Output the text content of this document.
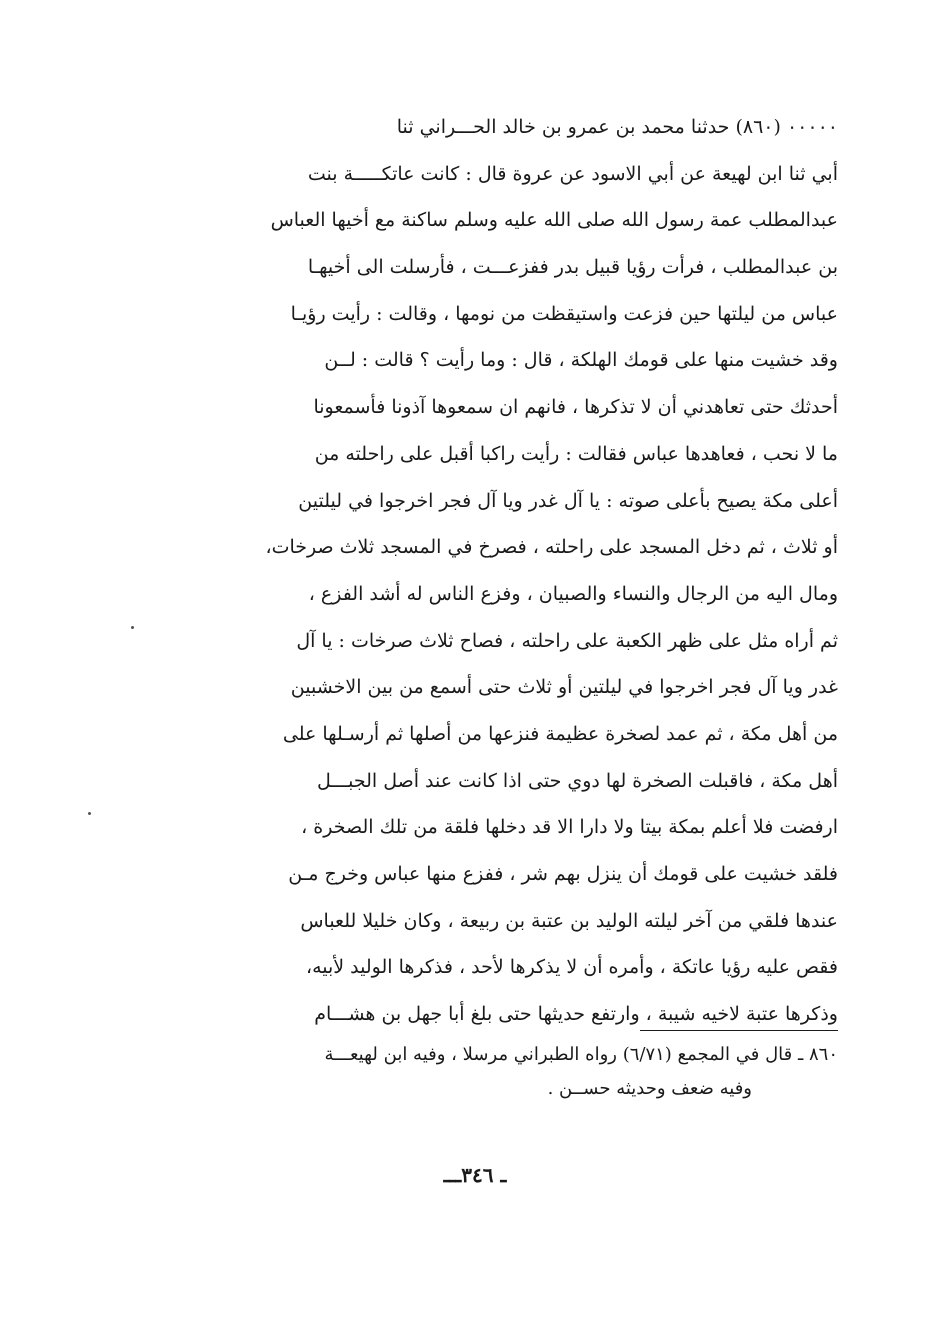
٠٠٠٠٠ (٨٦٠) حدثنا محمد بن عمرو بن خالد الحـــراني ثنا
أبي ثنا ابن لهيعة عن أبي الاسود عن عروة قال : كانت عاتكـــــة بنت
عبدالمطلب عمة رسول الله صلى الله عليه وسلم ساكنة مع أخيها العباس
بن عبدالمطلب ، فرأت رؤيا قبيل بدر ففزعـــت ، فأرسلت الى أخيهـا
عباس من ليلتها حين فزعت واستيقظت من نومها ، وقالت : رأيت رؤيـا
وقد خشيت منها على قومك الهلكة ، قال : وما رأيت ؟ قالت : لــن
أحدثك حتى تعاهدني أن لا تذكرها ، فانهم ان سمعوها آذونا فأسمعونا
ما لا نحب ، فعاهدها عباس فقالت : رأيت راكبا أقبل على راحلته من
أعلى مكة يصيح بأعلى صوته : يا آل غدر ويا آل فجر اخرجوا في ليلتين
أو ثلاث ، ثم دخل المسجد على راحلته ، فصرخ في المسجد ثلاث صرخات،
ومال اليه من الرجال والنساء والصبيان ، وفزع الناس له أشد الفزع ،
ثم أراه مثل على ظهر الكعبة على راحلته ، فصاح ثلاث صرخات : يا آل
غدر ويا آل فجر اخرجوا في ليلتين أو ثلاث حتى أسمع من بين الاخشبين
من أهل مكة ، ثم عمد لصخرة عظيمة فنزعها من أصلها ثم أرسـلها على
أهل مكة ، فاقبلت الصخرة لها دوي حتى اذا كانت عند أصل الجبـــل
ارفضت فلا أعلم بمكة بيتا ولا دارا الا قد دخلها فلقة من تلك الصخرة ،
فلقد خشيت على قومك أن ينزل بهم شر ، ففزع منها عباس وخرج مـن
عندها فلقي من آخر ليلته الوليد بن عتبة بن ربيعة ، وكان خليلا للعباس
فقص عليه رؤيا عاتكة ، وأمره أن لا يذكرها لأحد ، فذكرها الوليد لأبيه،
وذكرها عتبة لاخيه شيبة ، وارتفع حديثها حتى بلغ أبا جهل بن هشـــام
٨٦٠ ـ قال في المجمع (٦/٧١) رواه الطبراني مرسلا ، وفيه ابن لهيعـــة
وفيه ضعف وحديثه حســن .
ـ ٣٤٦ـــ
